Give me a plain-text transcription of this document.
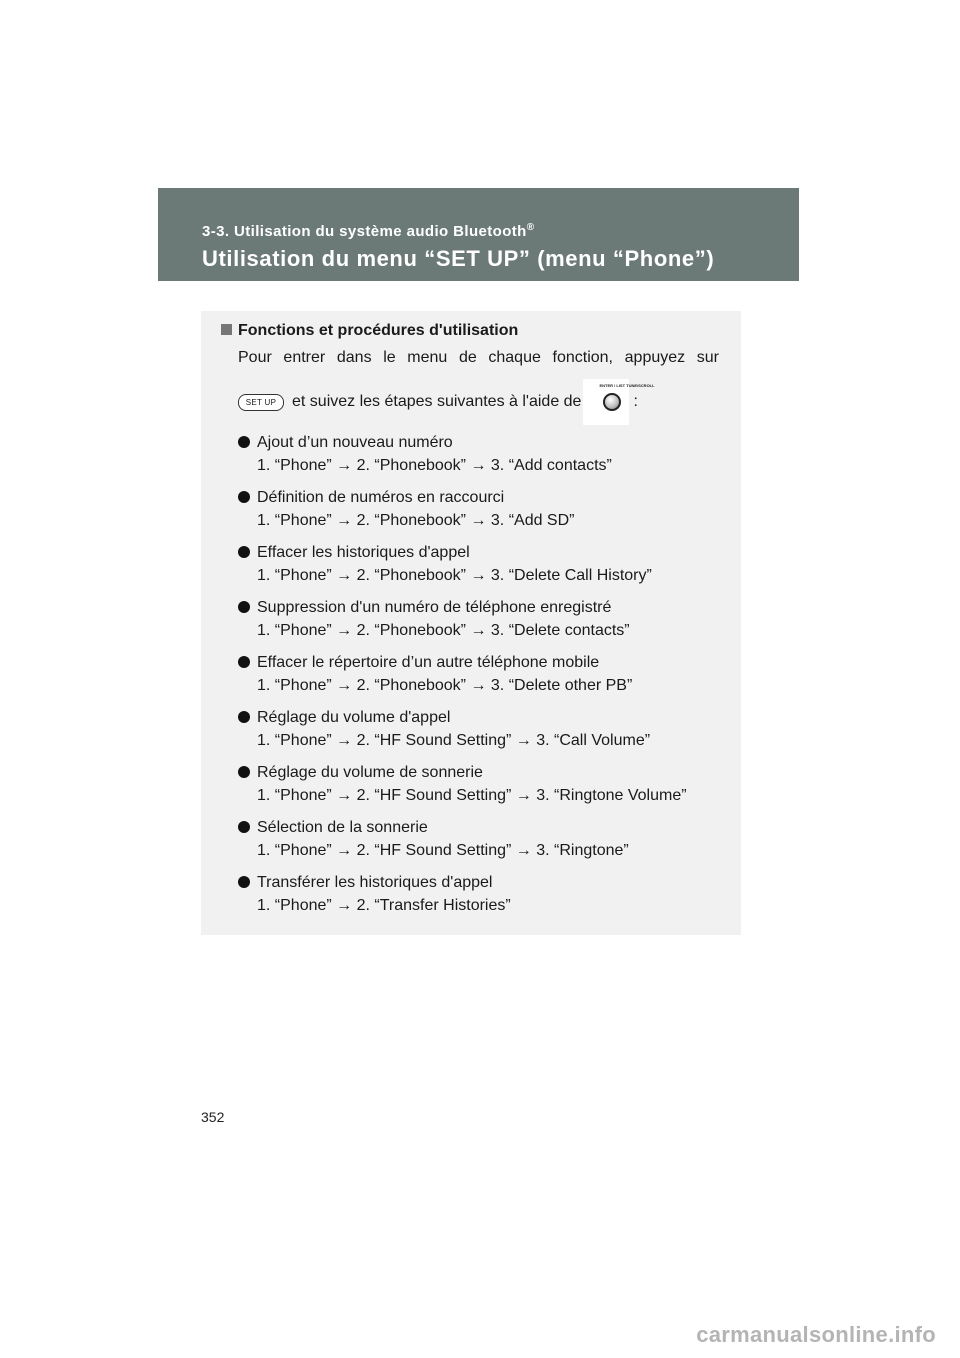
3-3. Utilisation du système audio Bluetooth®
Utilisation du menu “SET UP” (menu “Phone”)
Fonctions et procédures d'utilisation
Pour entrer dans le menu de chaque fonction, appuyez sur
SET UP et suivez les étapes suivantes à l'aide de
ENTER / LIST TUNE/SCROLL
:
Ajout d’un nouveau numéro
1. “Phone” → 2. “Phonebook” → 3. “Add contacts”
Définition de numéros en raccourci
1. “Phone” → 2. “Phonebook” → 3. “Add SD”
Effacer les historiques d'appel
1. “Phone” → 2. “Phonebook” → 3. “Delete Call History”
Suppression d'un numéro de téléphone enregistré
1. “Phone” → 2. “Phonebook” → 3. “Delete contacts”
Effacer le répertoire d’un autre téléphone mobile
1. “Phone” → 2. “Phonebook” → 3. “Delete other PB”
Réglage du volume d'appel
1. “Phone” → 2. “HF Sound Setting” → 3. “Call Volume”
Réglage du volume de sonnerie
1. “Phone” → 2. “HF Sound Setting” → 3. “Ringtone Volume”
Sélection de la sonnerie
1. “Phone” → 2. “HF Sound Setting” → 3. “Ringtone”
Transférer les historiques d'appel
1. “Phone” → 2. “Transfer Histories”
352
carmanualsonline.info
